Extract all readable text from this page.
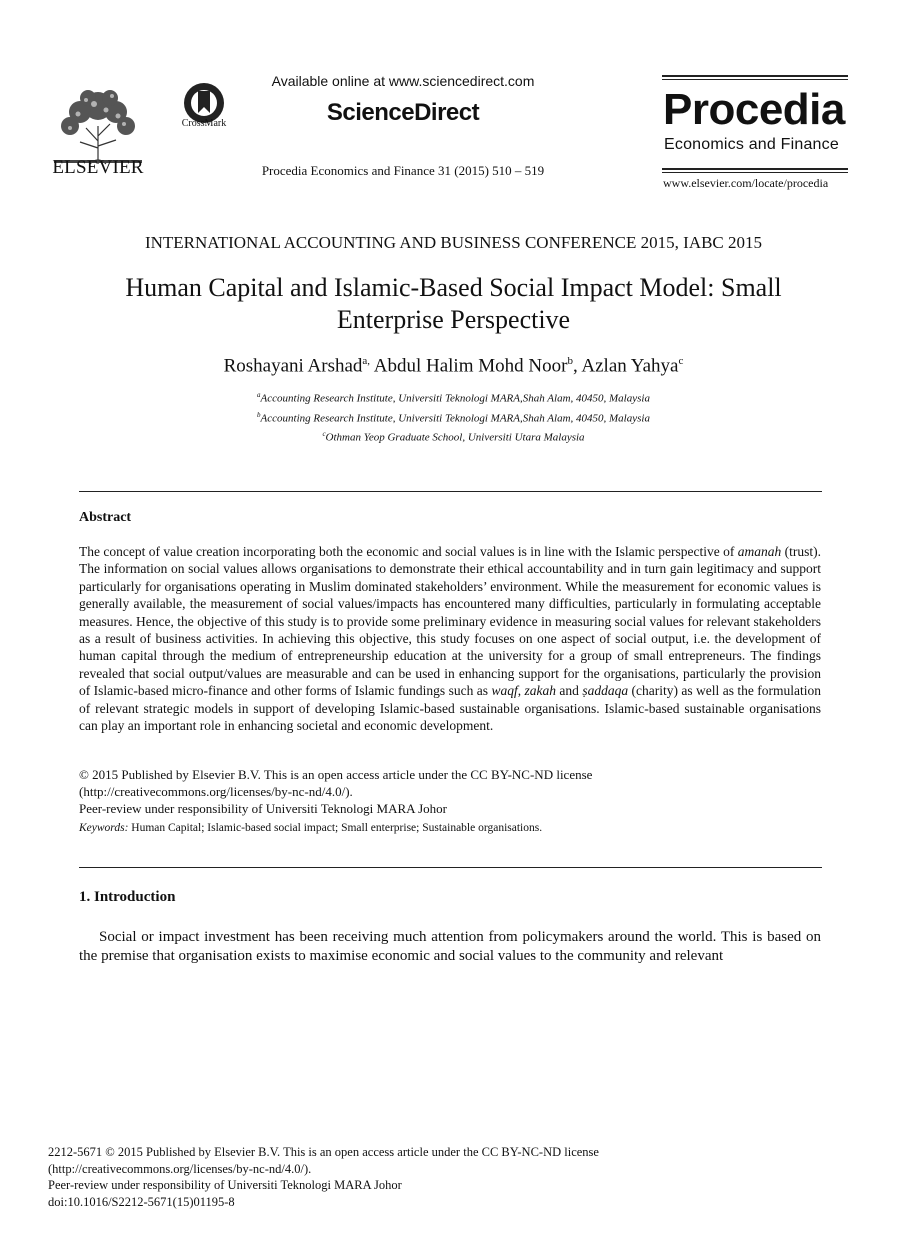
ELSEVIER
CrossMark
Available online at www.sciencedirect.com
ScienceDirect
Procedia Economics and Finance 31 (2015) 510 – 519
Procedia
Economics and Finance
www.elsevier.com/locate/procedia
INTERNATIONAL ACCOUNTING AND BUSINESS CONFERENCE 2015, IABC 2015
Human Capital and Islamic-Based Social Impact Model: Small
Enterprise Perspective
Roshayani Arshad$^{a,}$ Abdul Halim Mohd Noor$^b$, Azlan Yahya$^c$
$^a$Accounting Research Institute, Universiti Teknologi MARA,Shah Alam, 40450, Malaysia
$^b$Accounting Research Institute, Universiti Teknologi MARA,Shah Alam, 40450, Malaysia
$^c$Othman Yeop Graduate School, Universiti Utara Malaysia
Abstract
The concept of value creation incorporating both the economic and social values is in line with the Islamic perspective of amanah (trust). The information on social values allows organisations to demonstrate their ethical accountability and in turn gain legitimacy and support particularly for organisations operating in Muslim dominated stakeholders’ environment. While the measurement for economic values is generally available, the measurement of social values/impacts has encountered many difficulties, particularly in formulating acceptable measures. Hence, the objective of this study is to provide some preliminary evidence in measuring social values for relevant stakeholders as a result of business activities. In achieving this objective, this study focuses on one aspect of social output, i.e. the development of human capital through the medium of entrepreneurship education at the university for a group of small entrepreneurs. The findings revealed that social output/values are measurable and can be used in enhancing support for the organisations, particularly the provision of Islamic-based micro-finance and other forms of Islamic fundings such as waqf, zakah and ṣaddaqa (charity) as well as the formulation of relevant strategic models in support of developing Islamic-based sustainable organisations. Islamic-based sustainable organisations can play an important role in enhancing societal and economic development.
© 2015 Published by Elsevier B.V. This is an open access article under the CC BY-NC-ND license
(http://creativecommons.org/licenses/by-nc-nd/4.0/).
Peer-review under responsibility of Universiti Teknologi MARA Johor
Keywords: Human Capital; Islamic-based social impact; Small enterprise; Sustainable organisations.
1. Introduction
Social or impact investment has been receiving much attention from policymakers around the world. This is based on the premise that organisation exists to maximise economic and social values to the community and relevant
2212-5671 © 2015 Published by Elsevier B.V. This is an open access article under the CC BY-NC-ND license
(http://creativecommons.org/licenses/by-nc-nd/4.0/).
Peer-review under responsibility of Universiti Teknologi MARA Johor
doi:10.1016/S2212-5671(15)01195-8
